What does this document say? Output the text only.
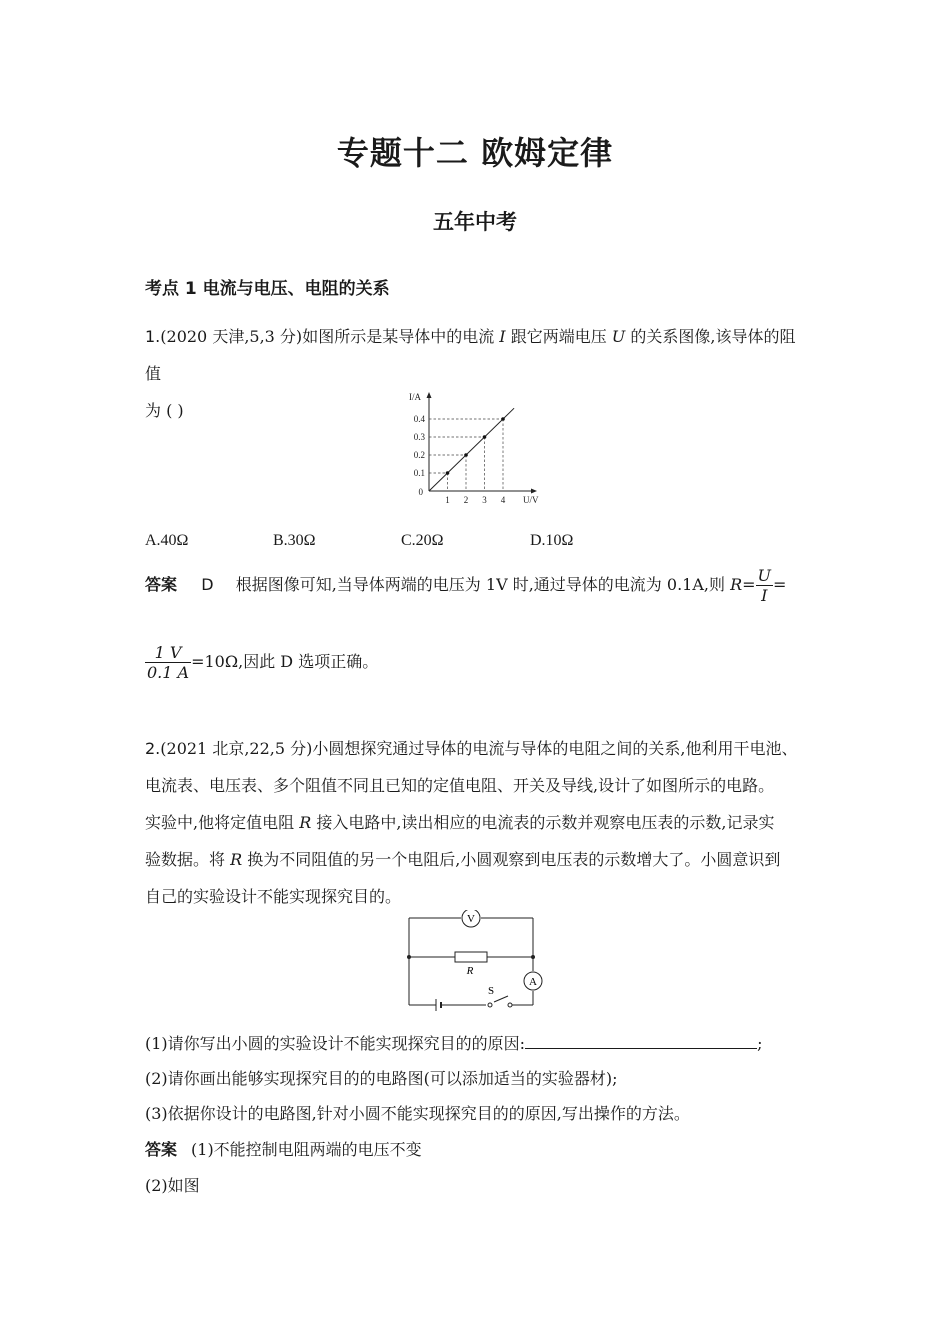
专题十二 欧姆定律
五年中考
考点 1 电流与电压、电阻的关系
1.(2020 天津,5,3 分)如图所示是某导体中的电流 I 跟它两端电压 U 的关系图像,该导体的阻值
为 ( )
I/A
U/V
0
1 2 3 4
0.1
0.2
0.3
0.4
A.40Ω	B.30Ω	C.20Ω	D.10Ω
答案 D 根据图像可知,当导体两端的电压为 1V 时,通过导体的电流为 0.1A,则 $R= \frac{U}{I}$ =
$\frac{1 V}{0.1 A} =10\Omega$,因此 D 选项正确。
2.(2021 北京,22,5 分)小圆想探究通过导体的电流与导体的电阻之间的关系,他利用干电池、
电流表、电压表、多个阻值不同且已知的定值电阻、开关及导线,设计了如图所示的电路。
实验中,他将定值电阻 R 接入电路中,读出相应的电流表的示数并观察电压表的示数,记录实
验数据。将 R 换为不同阻值的另一个电阻后,小圆观察到电压表的示数增大了。小圆意识到
自己的实验设计不能实现探究目的。
V
R
A
S
(1)请你写出小圆的实验设计不能实现探究目的的原因:	;
(2)请你画出能够实现探究目的的电路图(可以添加适当的实验器材);
(3)依据你设计的电路图,针对小圆不能实现探究目的的原因,写出操作的方法。
答案 (1)不能控制电阻两端的电压不变
(2)如图
